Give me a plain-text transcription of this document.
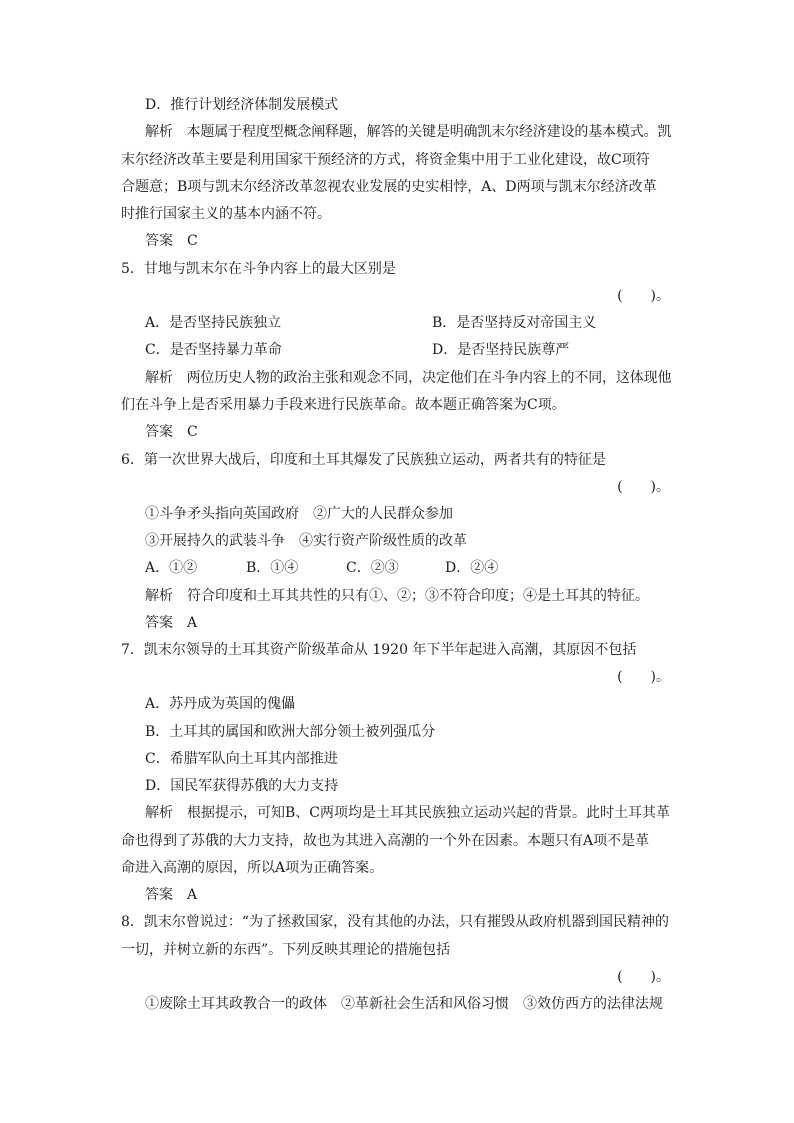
D．推行计划经济体制发展模式
解析　本题属于程度型概念阐释题，解答的关键是明确凯末尔经济建设的基本模式。凯
末尔经济改革主要是利用国家干预经济的方式，将资金集中用于工业化建设，故C项符
合题意；B项与凯末尔经济改革忽视农业发展的史实相悖，A、D两项与凯末尔经济改革
时推行国家主义的基本内涵不符。
答案　C
5．甘地与凯末尔在斗争内容上的最大区别是
(　　)。
A．是否坚持民族独立	B．是否坚持反对帝国主义
C．是否坚持暴力革命	D．是否坚持民族尊严
解析　两位历史人物的政治主张和观念不同，决定他们在斗争内容上的不同，这体现他
们在斗争上是否采用暴力手段来进行民族革命。故本题正确答案为C项。
答案　C
6．第一次世界大战后，印度和土耳其爆发了民族独立运动，两者共有的特征是
(　　)。
①斗争矛头指向英国政府　②广大的人民群众参加
③开展持久的武装斗争　④实行资产阶级性质的改革
A．①②	B．①④	C．②③	D．②④
解析　符合印度和土耳其共性的只有①、②；③不符合印度；④是土耳其的特征。
答案　A
7．凯末尔领导的土耳其资产阶级革命从 1920 年下半年起进入高潮，其原因不包括
(　　)。
A．苏丹成为英国的傀儡
B．土耳其的属国和欧洲大部分领土被列强瓜分
C．希腊军队向土耳其内部推进
D．国民军获得苏俄的大力支持
解析　根据提示，可知B、C两项均是土耳其民族独立运动兴起的背景。此时土耳其革
命也得到了苏俄的大力支持，故也为其进入高潮的一个外在因素。本题只有A项不是革
命进入高潮的原因，所以A项为正确答案。
答案　A
8．凯末尔曾说过：“为了拯救国家，没有其他的办法，只有摧毁从政府机器到国民精神的
一切，并树立新的东西”。下列反映其理论的措施包括
(　　)。
①废除土耳其政教合一的政体　②革新社会生活和风俗习惯　③效仿西方的法律法规
